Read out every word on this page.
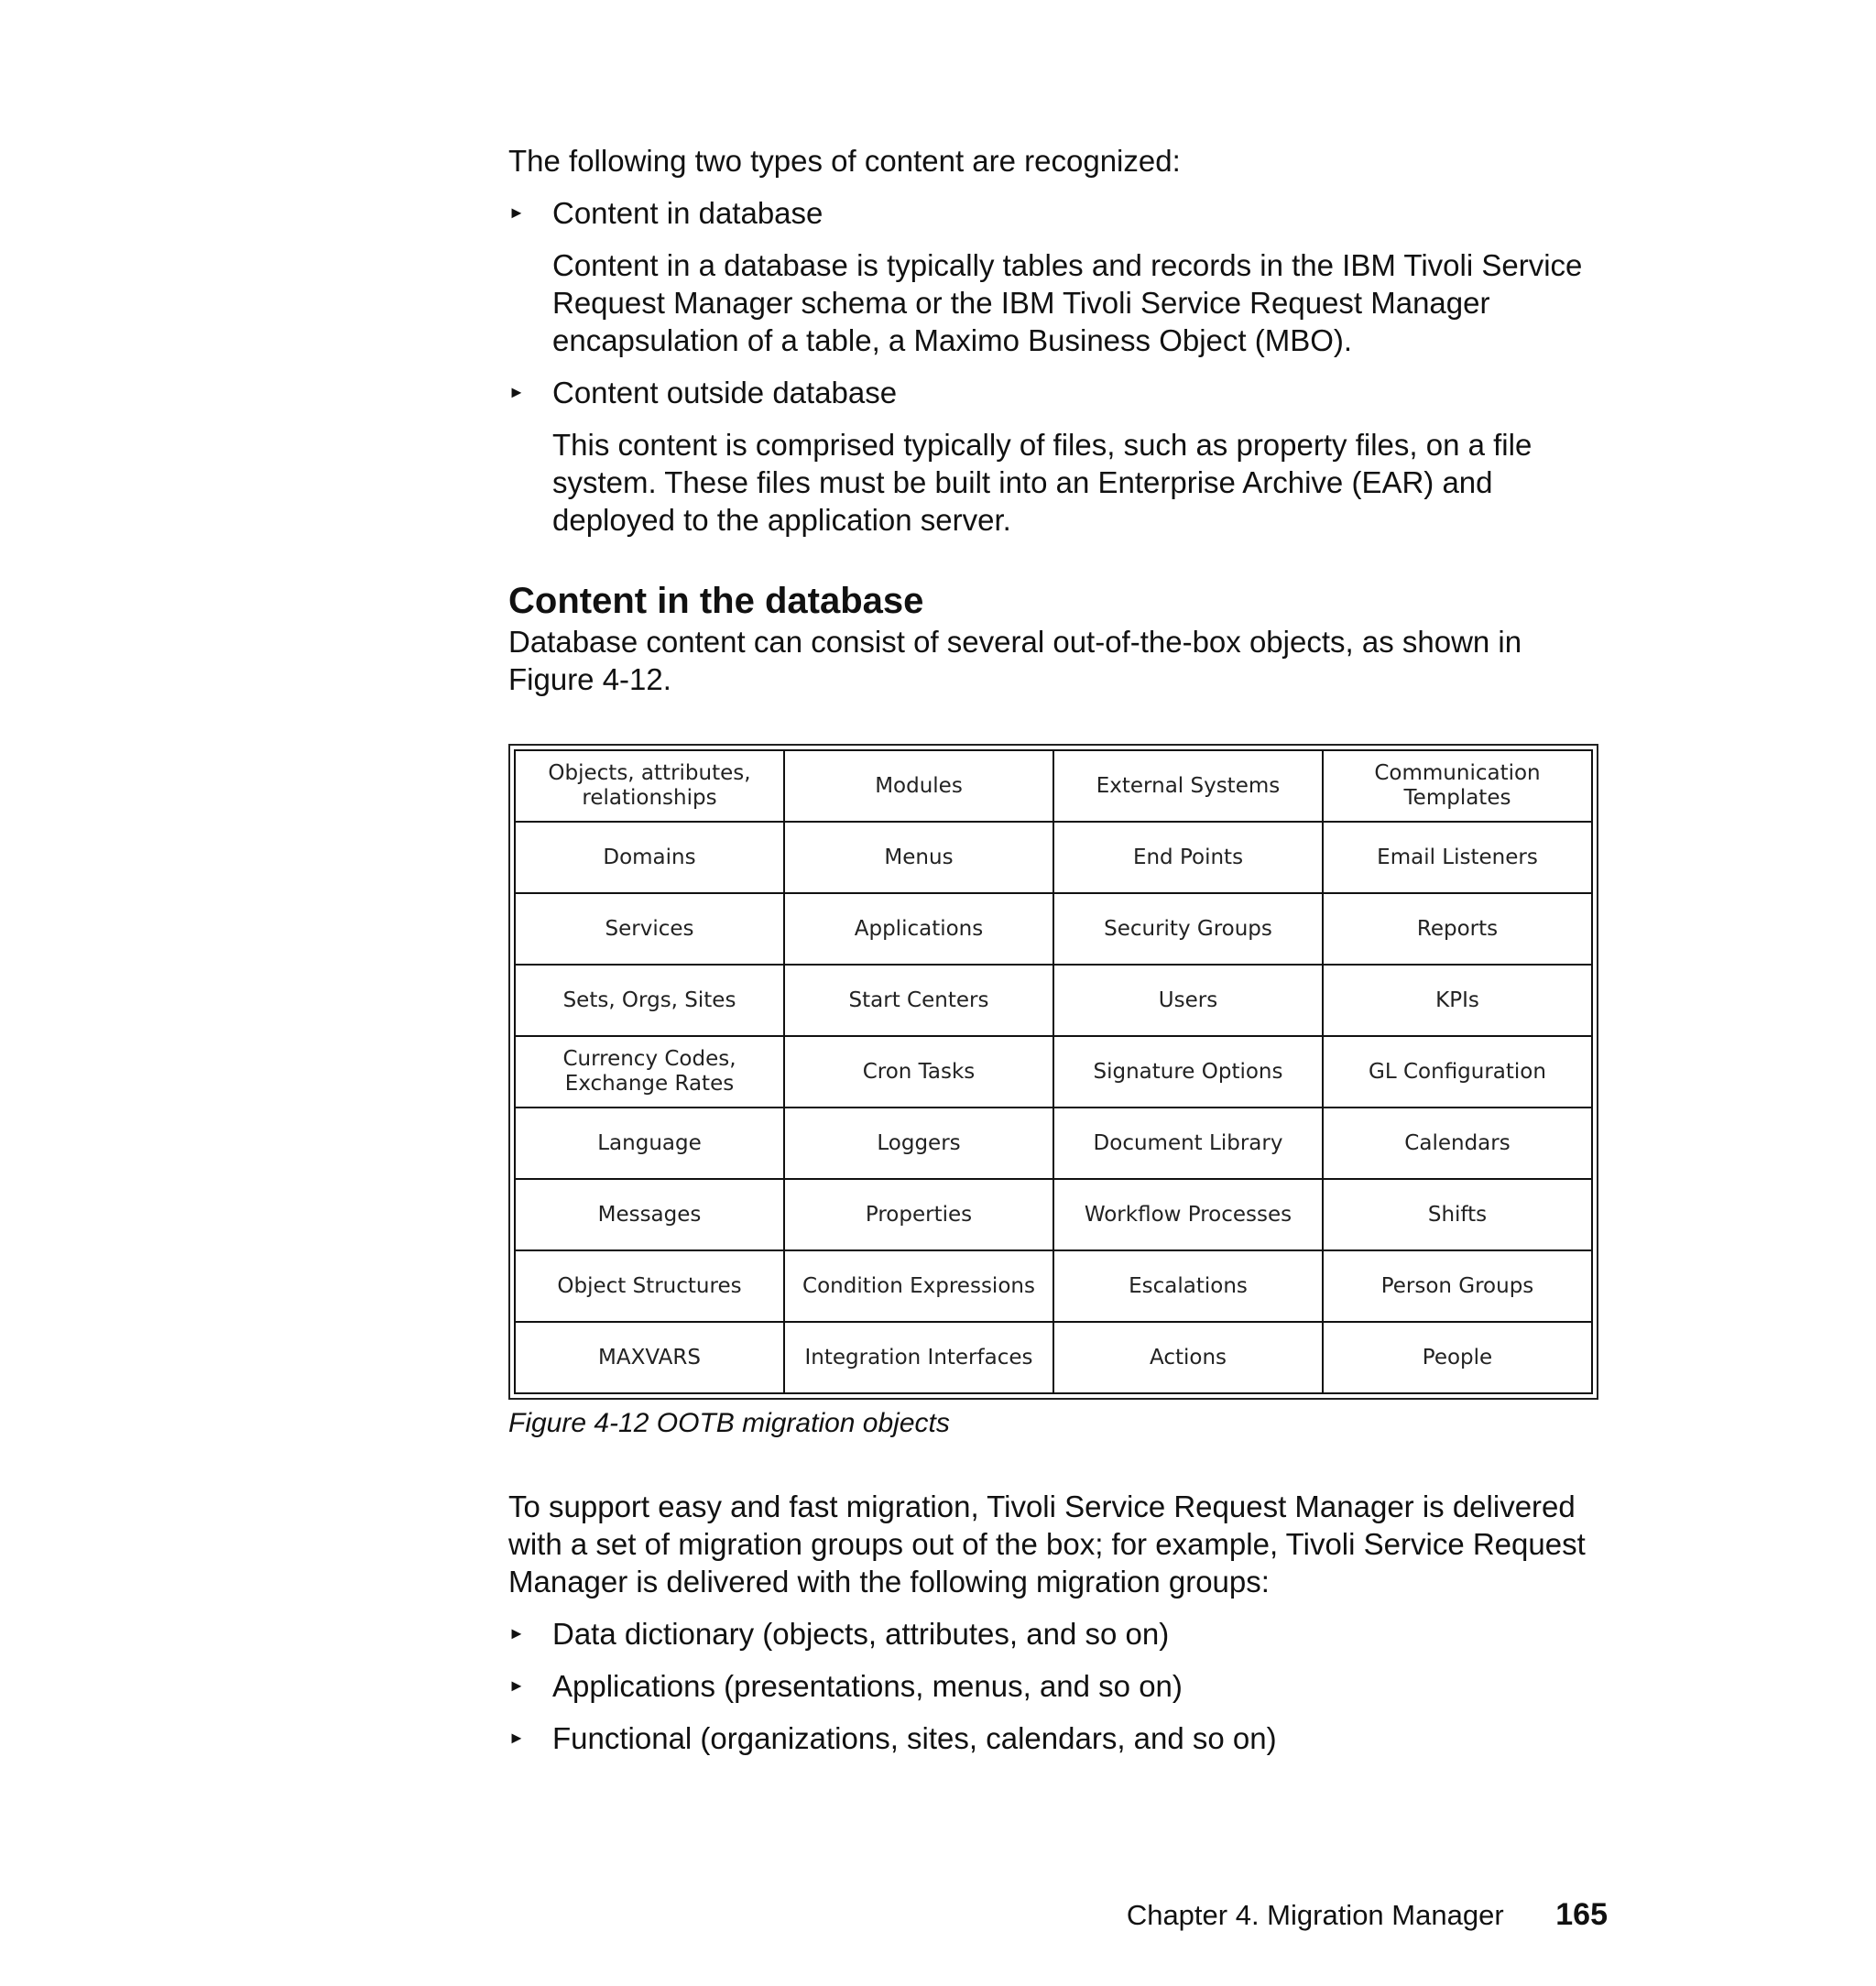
The following two types of content are recognized:

► Content in database

Content in a database is typically tables and records in the IBM Tivoli Service
Request Manager schema or the IBM Tivoli Service Request Manager
encapsulation of a table, a Maximo Business Object (MBO).

► Content outside database

This content is comprised typically of files, such as property files, on a file
system. These files must be built into an Enterprise Archive (EAR) and
deployed to the application server.

Content in the database

Database content can consist of several out-of-the-box objects, as shown in
Figure 4-12.

Objects, attributes,
relationships	Modules	External Systems	Communication
Templates
Domains	Menus	End Points	Email Listeners
Services	Applications	Security Groups	Reports
Sets, Orgs, Sites	Start Centers	Users	KPIs
Currency Codes,
Exchange Rates	Cron Tasks	Signature Options	GL Configuration
Language	Loggers	Document Library	Calendars
Messages	Properties	Workflow Processes	Shifts
Object Structures	Condition Expressions	Escalations	Person Groups
MAXVARS	Integration Interfaces	Actions	People

Figure 4-12 OOTB migration objects

To support easy and fast migration, Tivoli Service Request Manager is delivered
with a set of migration groups out of the box; for example, Tivoli Service Request
Manager is delivered with the following migration groups:

► Data dictionary (objects, attributes, and so on)

► Applications (presentations, menus, and so on)

► Functional (organizations, sites, calendars, and so on)

Chapter 4. Migration Manager 165
